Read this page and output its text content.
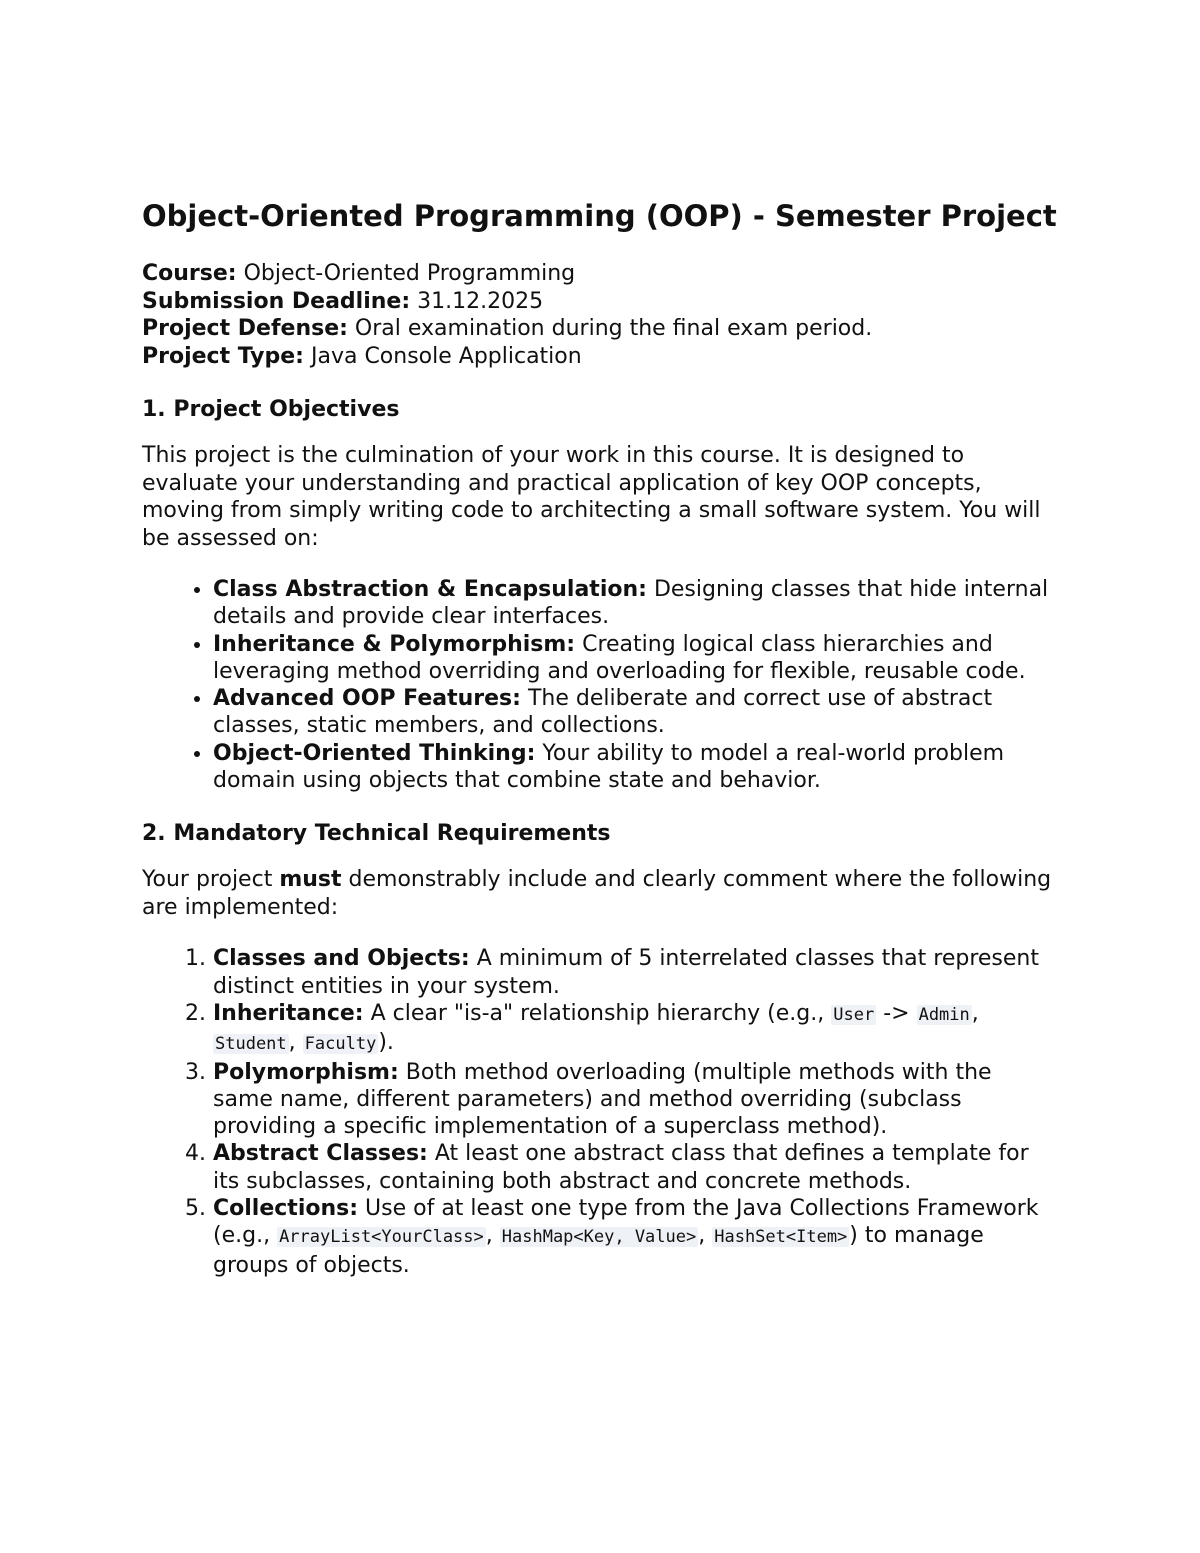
Object-Oriented Programming (OOP) - Semester Project
Course: Object-Oriented Programming
Submission Deadline: 31.12.2025
Project Defense: Oral examination during the final exam period.
Project Type: Java Console Application
1. Project Objectives

This project is the culmination of your work in this course. It is designed to evaluate your understanding and practical application of key OOP concepts, moving from simply writing code to architecting a small software system. You will be assessed on:

• Class Abstraction & Encapsulation: Designing classes that hide internal details and provide clear interfaces.
• Inheritance & Polymorphism: Creating logical class hierarchies and leveraging method overriding and overloading for flexible, reusable code.
• Advanced OOP Features: The deliberate and correct use of abstract classes, static members, and collections.
• Object-Oriented Thinking: Your ability to model a real-world problem domain using objects that combine state and behavior.
2. Mandatory Technical Requirements

Your project must demonstrably include and clearly comment where the following are implemented:

1. Classes and Objects: A minimum of 5 interrelated classes that represent distinct entities in your system.
2. Inheritance: A clear "is-a" relationship hierarchy (e.g., User -> Admin, Student, Faculty).
3. Polymorphism: Both method overloading (multiple methods with the same name, different parameters) and method overriding (subclass providing a specific implementation of a superclass method).
4. Abstract Classes: At least one abstract class that defines a template for its subclasses, containing both abstract and concrete methods.
5. Collections: Use of at least one type from the Java Collections Framework (e.g., ArrayList<YourClass>, HashMap<Key, Value>, HashSet<Item>) to manage groups of objects.
